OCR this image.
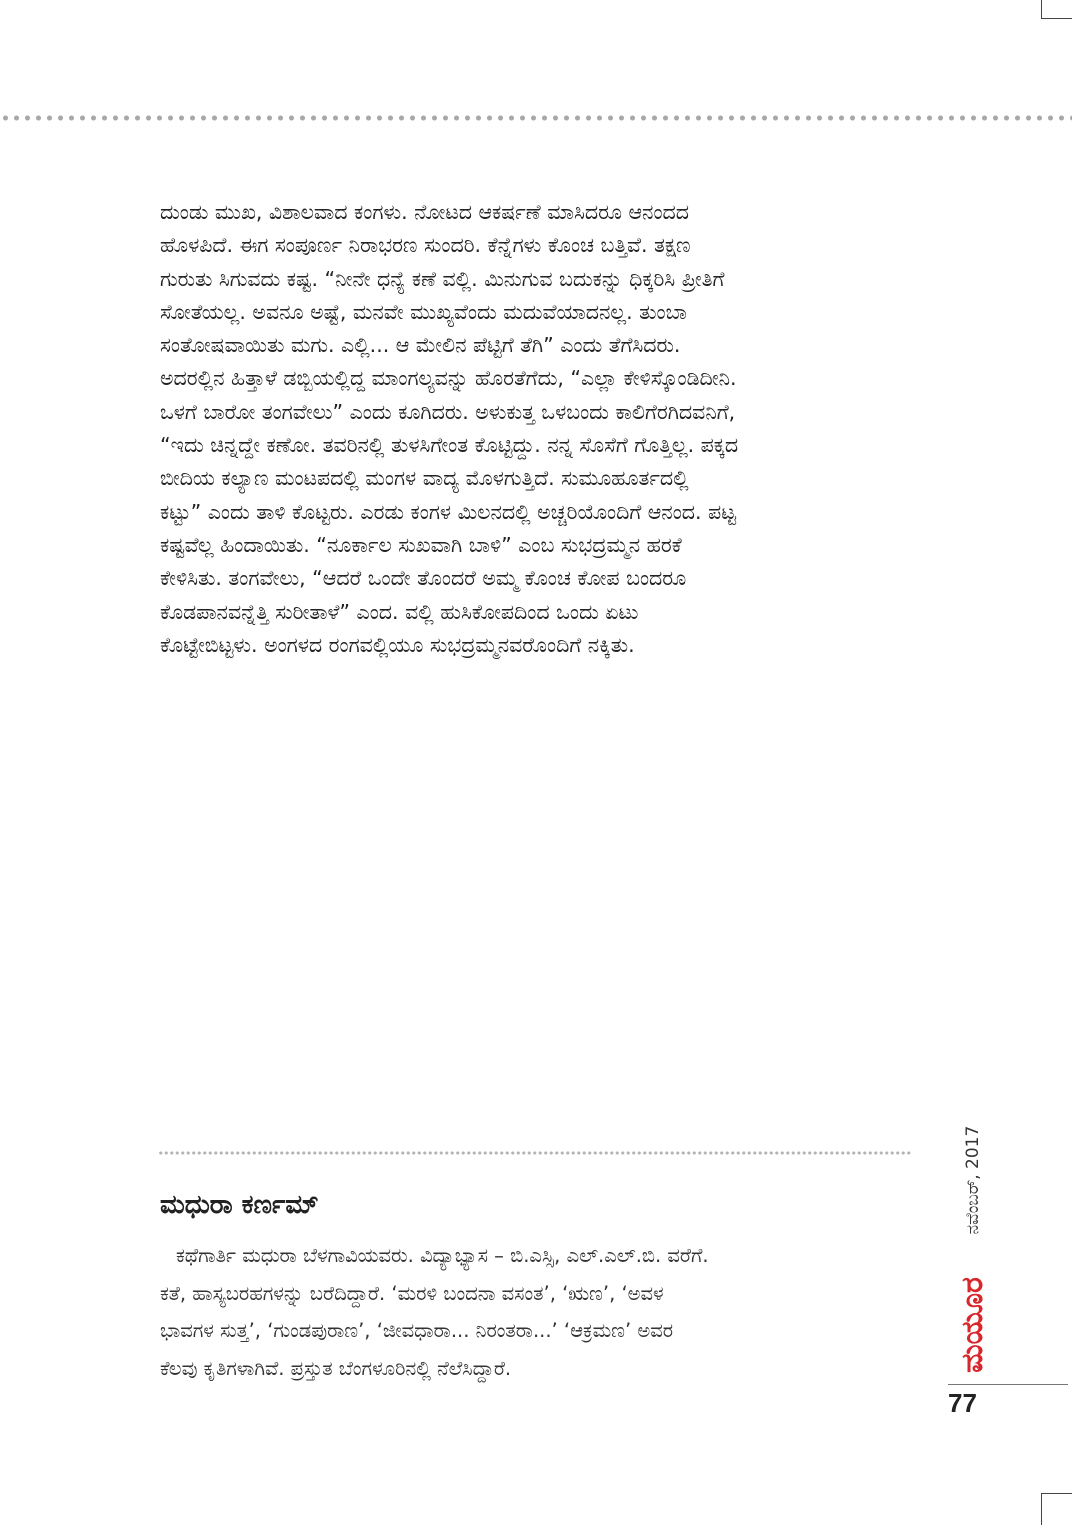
ದುಂಡು ಮುಖ, ವಿಶಾಲವಾದ ಕಂಗಳು. ನೋಟದ ಆಕರ್ಷಣೆ ಮಾಸಿದರೂ ಆನಂದದ
ಹೊಳಪಿದೆ. ಈಗ ಸಂಪೂರ್ಣ ನಿರಾಭರಣ ಸುಂದರಿ. ಕೆನ್ನೆಗಳು ಕೊಂಚ ಬತ್ತಿವೆ. ತಕ್ಷಣ
ಗುರುತು ಸಿಗುವದು ಕಷ್ಟ. “ನೀನೇ ಧನ್ಯೆ ಕಣೆ ವಲ್ಲಿ. ಮಿನುಗುವ ಬದುಕನ್ನು ಧಿಕ್ಕರಿಸಿ ಪ್ರೀತಿಗೆ
ಸೋತೆಯಲ್ಲ. ಅವನೂ ಅಷ್ಟೆ, ಮನವೇ ಮುಖ್ಯವೆಂದು ಮದುವೆಯಾದನಲ್ಲ. ತುಂಬಾ
ಸಂತೋಷವಾಯಿತು ಮಗು. ಎಲ್ಲಿ... ಆ ಮೇಲಿನ ಪೆಟ್ಟಿಗೆ ತೆಗಿ” ಎಂದು ತೆಗೆಸಿದರು.
ಅದರಲ್ಲಿನ ಹಿತ್ತಾಳೆ ಡಬ್ಬಿಯಲ್ಲಿದ್ದ ಮಾಂಗಲ್ಯವನ್ನು ಹೊರತೆಗೆದು, “ಎಲ್ಲಾ ಕೇಳಿಸ್ಕೊಂಡಿದೀನಿ.
ಒಳಗೆ ಬಾರೋ ತಂಗವೇಲು” ಎಂದು ಕೂಗಿದರು. ಅಳುಕುತ್ತ ಒಳಬಂದು ಕಾಲಿಗೆರಗಿದವನಿಗೆ,
“ಇದು ಚಿನ್ನದ್ದೇ ಕಣೋ. ತವರಿನಲ್ಲಿ ತುಳಸಿಗೇಂತ ಕೊಟ್ಟಿದ್ದು. ನನ್ನ ಸೊಸೆಗೆ ಗೊತ್ತಿಲ್ಲ. ಪಕ್ಕದ
ಬೀದಿಯ ಕಲ್ಯಾಣ ಮಂಟಪದಲ್ಲಿ ಮಂಗಳ ವಾದ್ಯ ಮೊಳಗುತ್ತಿದೆ. ಸುಮೂಹೂರ್ತದಲ್ಲಿ
ಕಟ್ಟು” ಎಂದು ತಾಳಿ ಕೊಟ್ಟರು. ಎರಡು ಕಂಗಳ ಮಿಲನದಲ್ಲಿ ಅಚ್ಚರಿಯೊಂದಿಗೆ ಆನಂದ. ಪಟ್ಟ
ಕಷ್ಟವೆಲ್ಲ ಹಿಂದಾಯಿತು. “ನೂರ್ಕಾಲ ಸುಖವಾಗಿ ಬಾಳಿ” ಎಂಬ ಸುಭದ್ರಮ್ಮನ ಹರಕೆ
ಕೇಳಿಸಿತು. ತಂಗವೇಲು, “ಆದರೆ ಒಂದೇ ತೊಂದರೆ ಅಮ್ಮ ಕೊಂಚ ಕೋಪ ಬಂದರೂ
ಕೊಡಪಾನವನ್ನೆತ್ತಿ ಸುರೀತಾಳೆ” ಎಂದ. ವಲ್ಲಿ ಹುಸಿಕೋಪದಿಂದ ಒಂದು ಏಟು
ಕೊಟ್ಟೇಬಿಟ್ಟಳು. ಅಂಗಳದ ರಂಗವಲ್ಲಿಯೂ ಸುಭದ್ರಮ್ಮನವರೊಂದಿಗೆ ನಕ್ಕಿತು.
ಮಧುರಾ ಕರ್ಣಮ್
ಕಥೆಗಾರ್ತಿ ಮಧುರಾ ಬೆಳಗಾವಿಯವರು. ವಿದ್ಯಾಭ್ಯಾಸ – ಬಿ.ಎಸ್ಸಿ, ಎಲ್.ಎಲ್.ಬಿ. ವರೆಗೆ.
ಕತೆ, ಹಾಸ್ಯಬರಹಗಳನ್ನು ಬರೆದಿದ್ದಾರೆ. ‘ಮರಳಿ ಬಂದನಾ ವಸಂತ’, ‘ಋಣ’, ‘ಅವಳ
ಭಾವಗಳ ಸುತ್ತ’, ‘ಗುಂಡಪುರಾಣ’, ‘ಜೀವಧಾರಾ... ನಿರಂತರಾ...’ ‘ಆಕ್ರಮಣ’ ಅವರ
ಕೆಲವು ಕೃತಿಗಳಾಗಿವೆ. ಪ್ರಸ್ತುತ ಬೆಂಗಳೂರಿನಲ್ಲಿ ನೆಲೆಸಿದ್ದಾರೆ.
ನವೆಂಬರ್, 2017
ಮಯೂರ
77
